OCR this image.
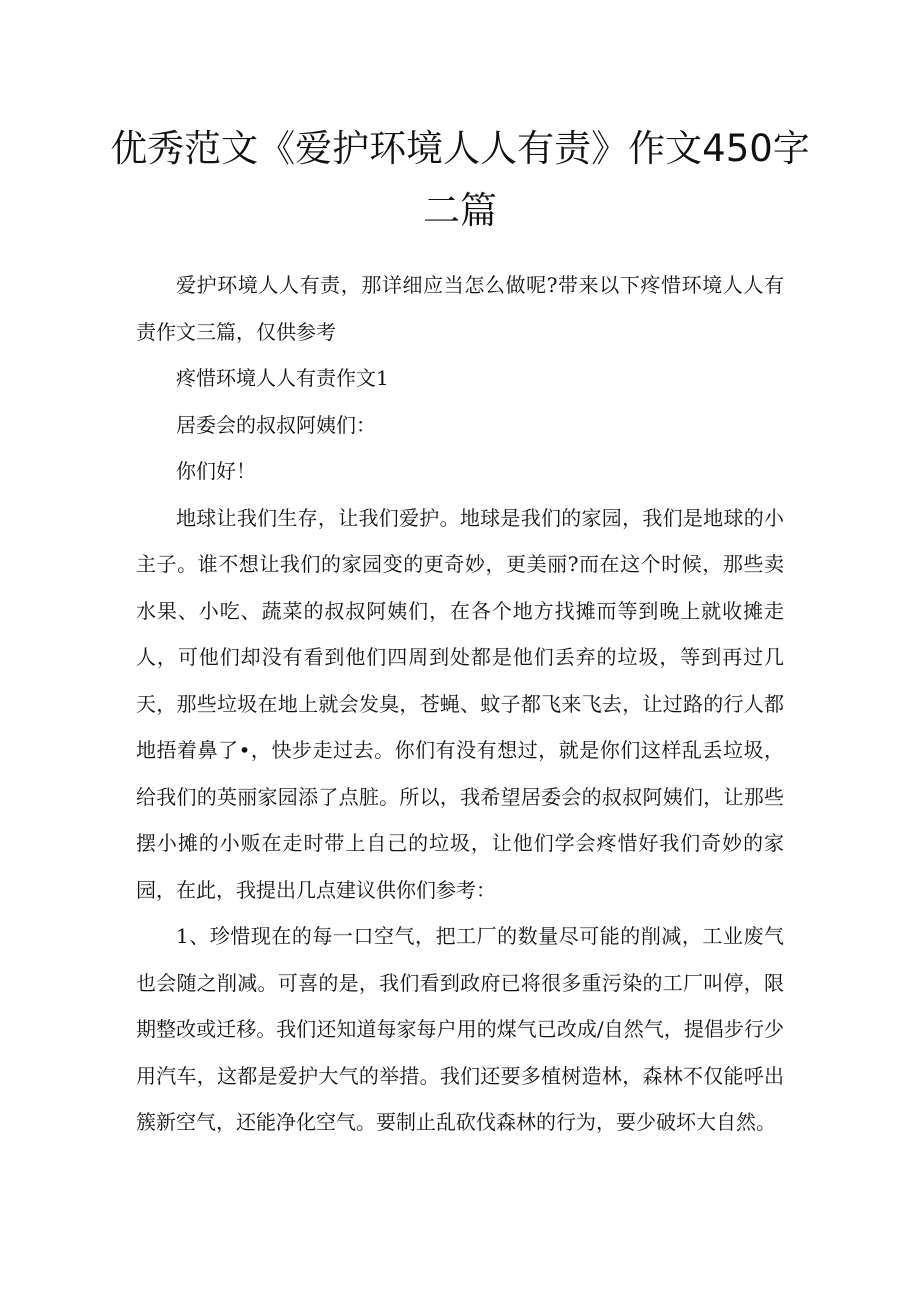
优秀范文《爱护环境人人有责》作文450字
二篇

爱护环境人人有责，那详细应当怎么做呢?带来以下疼惜环境人人有责作文三篇，仅供参考

疼惜环境人人有责作文1

居委会的叔叔阿姨们：

你们好！

地球让我们生存，让我们爱护。地球是我们的家园，我们是地球的小主子。谁不想让我们的家园变的更奇妙，更美丽?而在这个时候，那些卖水果、小吃、蔬菜的叔叔阿姨们，在各个地方找摊而等到晚上就收摊走人，可他们却没有看到他们四周到处都是他们丢弃的垃圾，等到再过几天，那些垃圾在地上就会发臭，苍蝇、蚊子都飞来飞去，让过路的行人都地捂着鼻了•，快步走过去。你们有没有想过，就是你们这样乱丢垃圾，给我们的英丽家园添了点脏。所以，我希望居委会的叔叔阿姨们，让那些摆小摊的小贩在走时带上自己的垃圾，让他们学会疼惜好我们奇妙的家园，在此，我提出几点建议供你们参考：

1、珍惜现在的每一口空气，把工厂的数量尽可能的削减，工业废气也会随之削减。可喜的是，我们看到政府已将很多重污染的工厂叫停，限期整改或迁移。我们还知道每家每户用的煤气已改成/自然气，提倡步行少用汽车，这都是爱护大气的举措。我们还要多植树造林，森林不仅能呼出簇新空气，还能净化空气。要制止乱砍伐森林的行为，要少破坏大自然。
